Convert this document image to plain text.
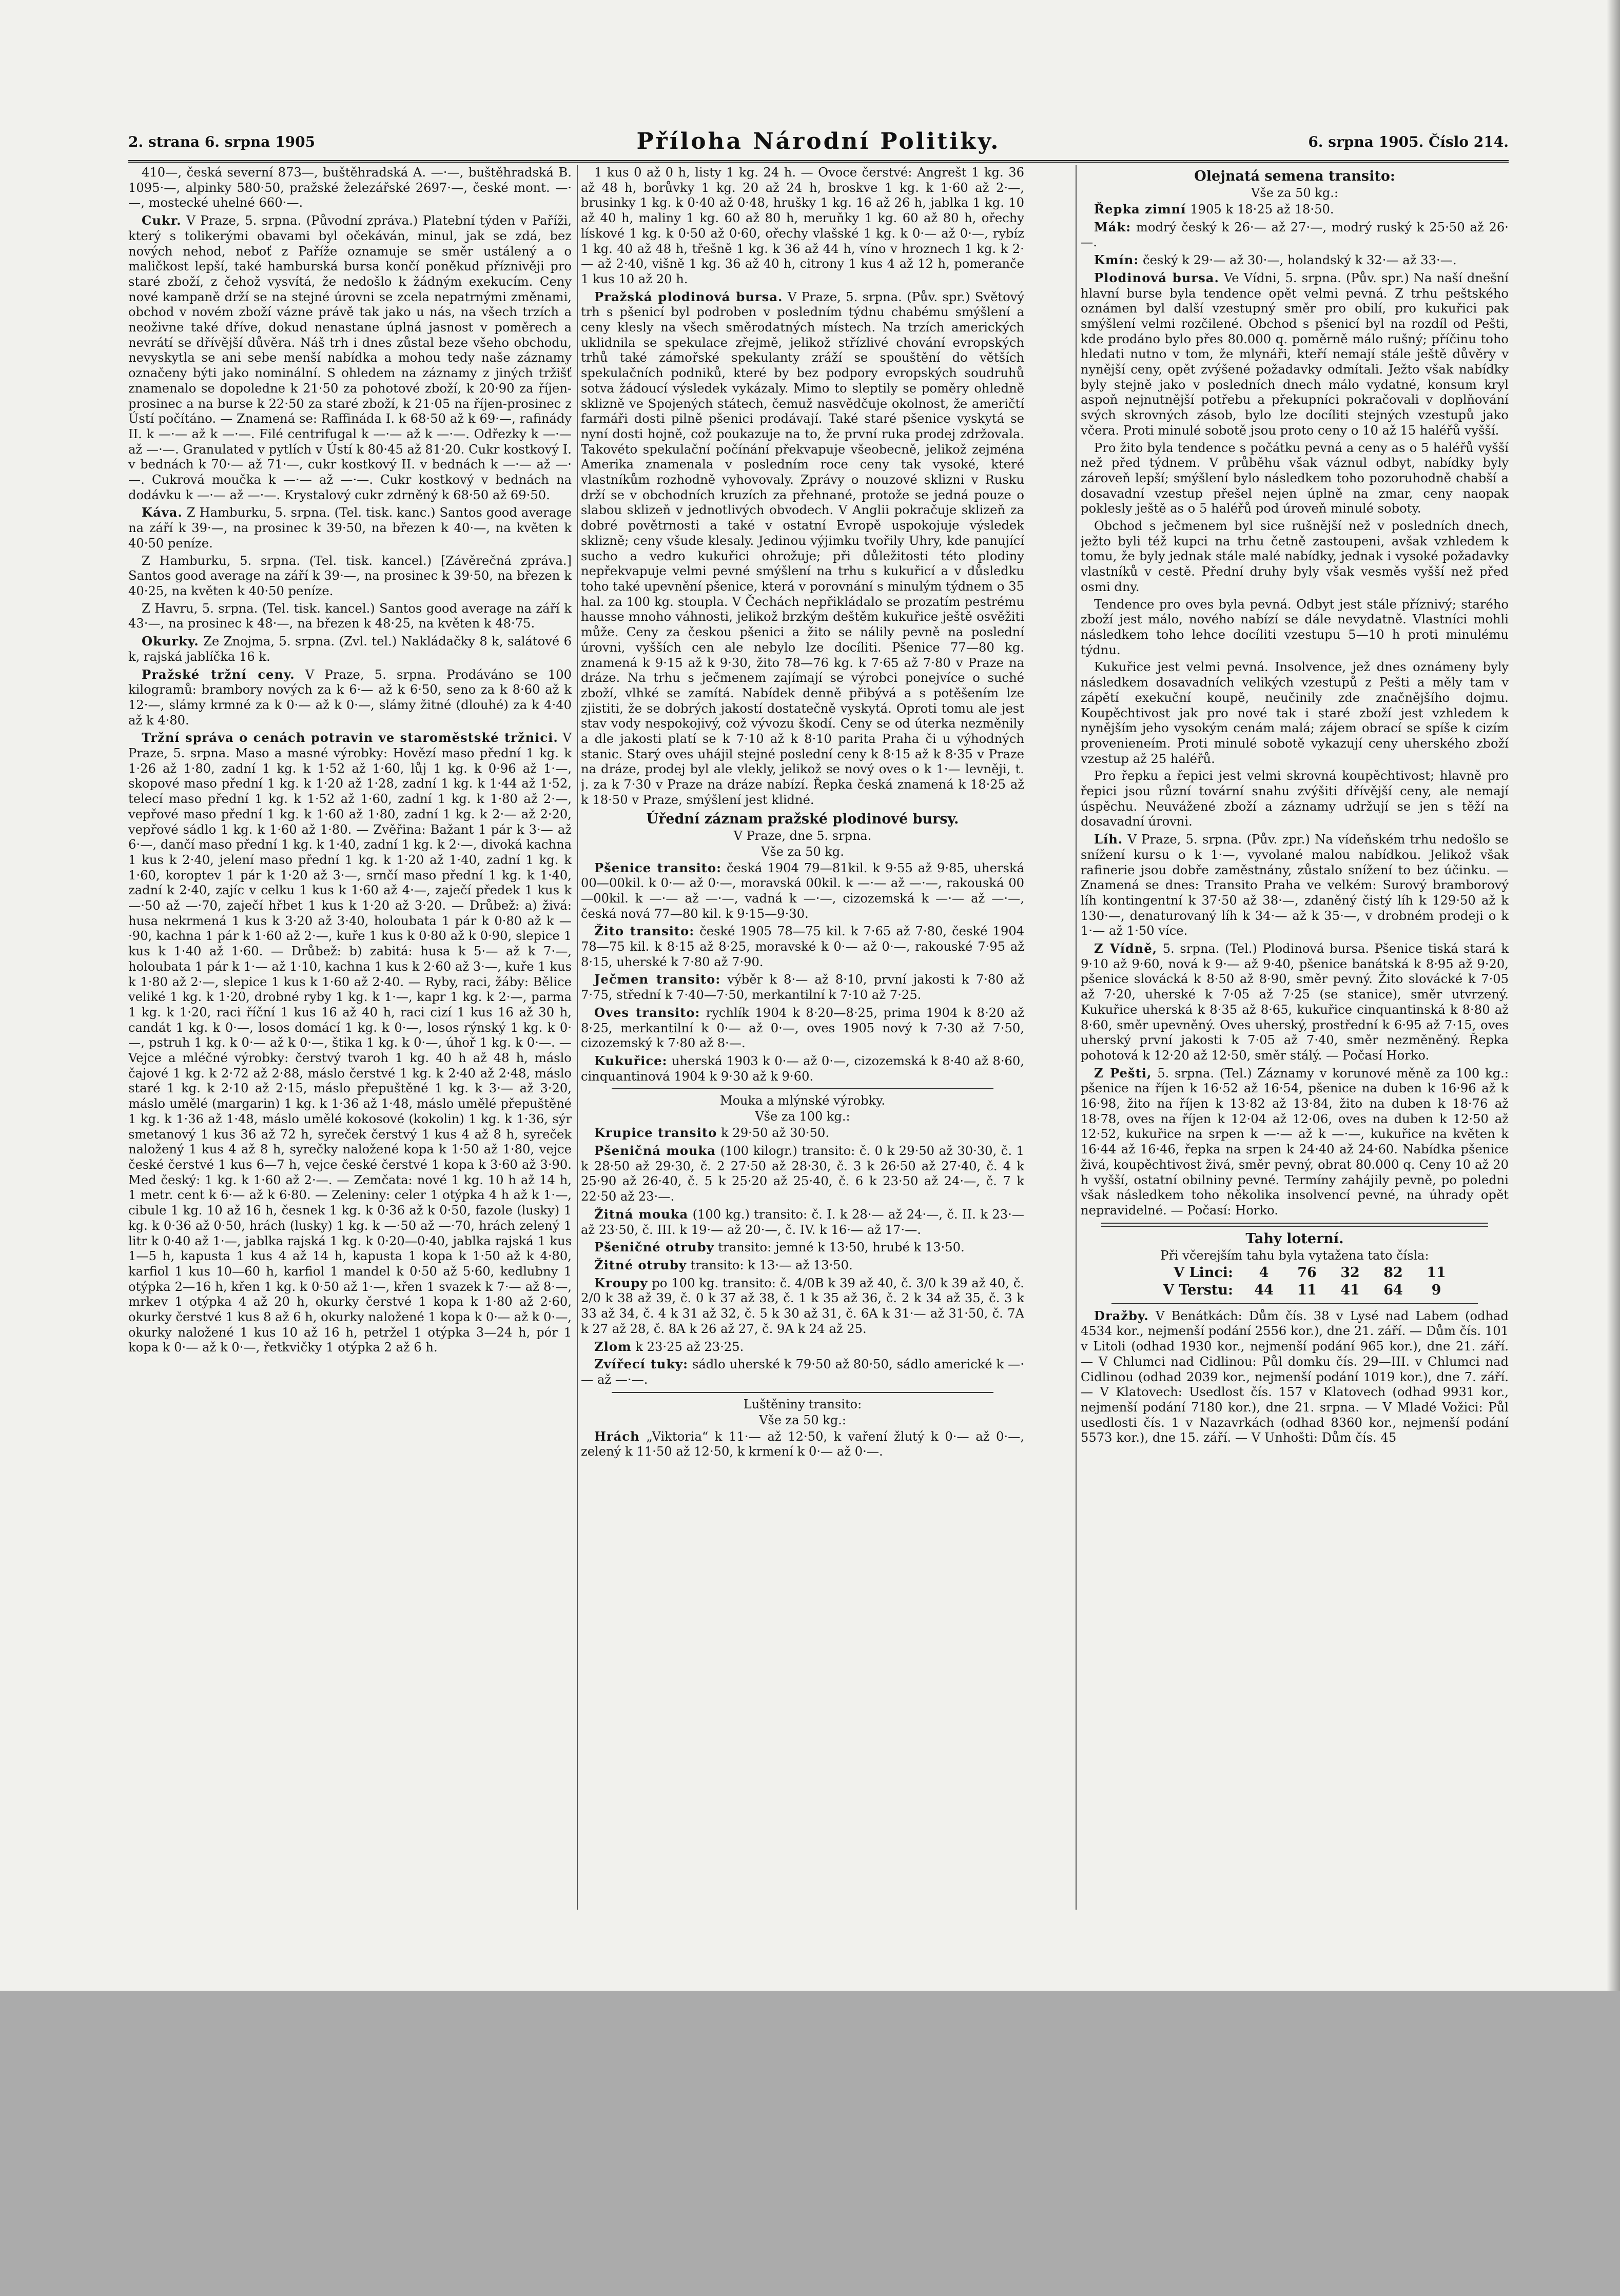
2. strana 6. srpna 1905	Příloha Národní Politiky.	6. srpna 1905. Číslo 214.

410—, česká severní 873—, buštěhradská A. —·—, buštěhradská B. 1095·—, alpinky 580·50, pražské železářské 2697·—, české mont. —·—, mostecké uhelné 660·—.

Cukr. V Praze, 5. srpna. (Původní zpráva.) Platební týden v Paříži, který s tolikerými obavami byl očekáván, minul, jak se zdá, bez nových nehod, neboť z Paříže oznamuje se směr ustálený a o maličkost lepší, také hamburská bursa končí poněkud příznivěji pro staré zboží, z čehož vysvítá, že nedošlo k žádným exekucím. Ceny nové kampaně drží se na stejné úrovni se zcela nepatrnými změnami, obchod v novém zboží vázne právě tak jako u nás, na všech trzích a neoživne také dříve, dokud nenastane úplná jasnost v poměrech a nevrátí se dřívější důvěra. Náš trh i dnes zůstal beze všeho obchodu, nevyskytla se ani sebe menší nabídka a mohou tedy naše záznamy označeny býti jako nominální. S ohledem na záznamy z jiných tržišť znamenalo se dopoledne k 21·50 za pohotové zboží, k 20·90 za říjen-prosinec a na burse k 22·50 za staré zboží, k 21·05 na říjen-prosinec z Ústí počítáno. — Znamená se: Raffináda I. k 68·50 až k 69·—, rafinády II. k —·— až k —·—. Filé centrifugal k —·— až k —·—. Odřezky k —·— až —·—. Granulated v pytlích v Ústí k 80·45 až 81·20. Cukr kostkový I. v bednách k 70·— až 71·—, cukr kostkový II. v bednách k —·— až —·—. Cukrová moučka k —·— až —·—. Cukr kostkový v bednách na dodávku k —·— až —·—. Krystalový cukr zdrněný k 68·50 až 69·50.

Káva. Z Hamburku, 5. srpna. (Tel. tisk. kanc.) Santos good average na září k 39·—, na prosinec k 39·50, na březen k 40·—, na květen k 40·50 peníze.

Z Hamburku, 5. srpna. (Tel. tisk. kancel.) [Závěrečná zpráva.] Santos good average na září k 39·—, na prosinec k 39·50, na březen k 40·25, na květen k 40·50 peníze.

Z Havru, 5. srpna. (Tel. tisk. kancel.) Santos good average na září k 43·—, na prosinec k 48·—, na březen k 48·25, na květen k 48·75.

Okurky. Ze Znojma, 5. srpna. (Zvl. tel.) Nakládačky 8 k, salátové 6 k, rajská jablíčka 16 k.

Pražské tržní ceny. V Praze, 5. srpna. Prodáváno se 100 kilogramů: brambory nových za k 6·— až k 6·50, seno za k 8·60 až k 12·—, slámy krmné za k 0·— až k 0·—, slámy žitné (dlouhé) za k 4·40 až k 4·80.

Tržní správa o cenách potravin ve staroměstské tržnici. V Praze, 5. srpna. Maso a masné výrobky: Hovězí maso přední 1 kg. k 1·26 až 1·80, zadní 1 kg. k 1·52 až 1·60, lůj 1 kg. k 0·96 až 1·—, skopové maso přední 1 kg. k 1·20 až 1·28, zadní 1 kg. k 1·44 až 1·52, telecí maso přední 1 kg. k 1·52 až 1·60, zadní 1 kg. k 1·80 až 2·—, vepřové maso přední 1 kg. k 1·60 až 1·80, zadní 1 kg. k 2·— až 2·20, vepřové sádlo 1 kg. k 1·60 až 1·80. — Zvěřina: Bažant 1 pár k 3·— až 6·—, dančí maso přední 1 kg. k 1·40, zadní 1 kg. k 2·—, divoká kachna 1 kus k 2·40, jelení maso přední 1 kg. k 1·20 až 1·40, zadní 1 kg. k 1·60, koroptev 1 pár k 1·20 až 3·—, srnčí maso přední 1 kg. k 1·40, zadní k 2·40, zajíc v celku 1 kus k 1·60 až 4·—, zaječí předek 1 kus k —·50 až —·70, zaječí hřbet 1 kus k 1·20 až 3·20. — Drůbež: a) živá: husa nekrmená 1 kus k 3·20 až 3·40, holoubata 1 pár k 0·80 až k —·90, kachna 1 pár k 1·60 až 2·—, kuře 1 kus k 0·80 až k 0·90, slepice 1 kus k 1·40 až 1·60. — Drůbež: b) zabitá: husa k 5·— až k 7·—, holoubata 1 pár k 1·— až 1·10, kachna 1 kus k 2·60 až 3·—, kuře 1 kus k 1·80 až 2·—, slepice 1 kus k 1·60 až 2·40. — Ryby, raci, žáby: Bělice veliké 1 kg. k 1·20, drobné ryby 1 kg. k 1·—, kapr 1 kg. k 2·—, parma 1 kg. k 1·20, raci říční 1 kus 16 až 40 h, raci cizí 1 kus 16 až 30 h, candát 1 kg. k 0·—, losos domácí 1 kg. k 0·—, losos rýnský 1 kg. k 0·—, pstruh 1 kg. k 0·— až k 0·—, štika 1 kg. k 0·—, úhoř 1 kg. k 0·—. — Vejce a mléčné výrobky: čerstvý tvaroh 1 kg. 40 h až 48 h, máslo čajové 1 kg. k 2·72 až 2·88, máslo čerstvé 1 kg. k 2·40 až 2·48, máslo staré 1 kg. k 2·10 až 2·15, máslo přepuštěné 1 kg. k 3·— až 3·20, máslo umělé (margarin) 1 kg. k 1·36 až 1·48, máslo umělé přepuštěné 1 kg. k 1·36 až 1·48, máslo umělé kokosové (kokolin) 1 kg. k 1·36, sýr smetanový 1 kus 36 až 72 h, syreček čerstvý 1 kus 4 až 8 h, syreček naložený 1 kus 4 až 8 h, syrečky naložené kopa k 1·50 až 1·80, vejce české čerstvé 1 kus 6—7 h, vejce české čerstvé 1 kopa k 3·60 až 3·90. Med český: 1 kg. k 1·60 až 2·—. — Zemčata: nové 1 kg. 10 h až 14 h, 1 metr. cent k 6·— až k 6·80. — Zeleniny: celer 1 otýpka 4 h až k 1·—, cibule 1 kg. 10 až 16 h, česnek 1 kg. k 0·36 až k 0·50, fazole (lusky) 1 kg. k 0·36 až 0·50, hrách (lusky) 1 kg. k —·50 až —·70, hrách zelený 1 litr k 0·40 až 1·—, jablka rajská 1 kg. k 0·20—0·40, jablka rajská 1 kus 1—5 h, kapusta 1 kus 4 až 14 h, kapusta 1 kopa k 1·50 až k 4·80, karfiol 1 kus 10—60 h, karfiol 1 mandel k 0·50 až 5·60, kedlubny 1 otýpka 2—16 h, křen 1 kg. k 0·50 až 1·—, křen 1 svazek k 7·— až 8·—, mrkev 1 otýpka 4 až 20 h, okurky čerstvé 1 kopa k 1·80 až 2·60, okurky čerstvé 1 kus 8 až 6 h, okurky naložené 1 kopa k 0·— až k 0·—, okurky naložené 1 kus 10 až 16 h, petržel 1 otýpka 3—24 h, pór 1 kopa k 0·— až k 0·—, řetkvičky 1 otýpka 2 až 6 h.

1 kus 0 až 0 h, listy 1 kg. 24 h. — Ovoce čerstvé: Angrešt 1 kg. 36 až 48 h, borůvky 1 kg. 20 až 24 h, broskve 1 kg. k 1·60 až 2·—, brusinky 1 kg. k 0·40 až 0·48, hrušky 1 kg. 16 až 26 h, jablka 1 kg. 10 až 40 h, maliny 1 kg. 60 až 80 h, meruňky 1 kg. 60 až 80 h, ořechy lískové 1 kg. k 0·50 až 0·60, ořechy vlašské 1 kg. k 0·— až 0·—, rybíz 1 kg. 40 až 48 h, třešně 1 kg. k 36 až 44 h, víno v hroznech 1 kg. k 2·— až 2·40, višně 1 kg. 36 až 40 h, citrony 1 kus 4 až 12 h, pomeranče 1 kus 10 až 20 h.

Pražská plodinová bursa. V Praze, 5. srpna. (Pův. spr.) Světový trh s pšenicí byl podroben v posledním týdnu chabému smýšlení a ceny klesly na všech směrodatných místech. Na trzích amerických uklidnila se spekulace zřejmě, jelikož střízlivé chování evropských trhů také zámořské spekulanty zráží se spouštění do větších spekulačních podniků, které by bez podpory evropských soudruhů sotva žádoucí výsledek vykázaly. Mimo to sleptily se poměry ohledně sklizně ve Spojených státech, čemuž nasvědčuje okolnost, že američtí farmáři dosti pilně pšenici prodávají. Také staré pšenice vyskytá se nyní dosti hojně, což poukazuje na to, že první ruka prodej zdržovala. Takovéto spekulační počínání překvapuje všeobecně, jelikož zejména Amerika znamenala v posledním roce ceny tak vysoké, které vlastníkům rozhodně vyhovovaly. Zprávy o nouzové sklizni v Rusku drží se v obchodních kruzích za přehnané, protože se jedná pouze o slabou sklizeň v jednotlivých obvodech. V Anglii pokračuje sklizeň za dobré povětrnosti a také v ostatní Evropě uspokojuje výsledek sklizně; ceny všude klesaly. Jedinou výjimku tvořily Uhry, kde panující sucho a vedro kukuřici ohrožuje; při důležitosti této plodiny nepřekvapuje velmi pevné smýšlení na trhu s kukuřicí a v důsledku toho také upevnění pšenice, která v porovnání s minulým týdnem o 35 hal. za 100 kg. stoupla. V Čechách nepřikládalo se prozatím pestrému hausse mnoho váhnosti, jelikož brzkým deštěm kukuřice ještě osvěžiti může. Ceny za českou pšenici a žito se nálily pevně na poslední úrovni, vyšších cen ale nebylo lze docíliti. Pšenice 77—80 kg. znamená k 9·15 až k 9·30, žito 78—76 kg. k 7·65 až 7·80 v Praze na dráze. Na trhu s ječmenem zajímají se výrobci ponejvíce o suché zboží, vlhké se zamítá. Nabídek denně přibývá a s potěšením lze zjistiti, že se dobrých jakostí dostatečně vyskytá. Oproti tomu ale jest stav vody nespokojivý, což vývozu škodí. Ceny se od úterka nezměnily a dle jakosti platí se k 7·10 až k 8·10 parita Praha či u výhodných stanic. Starý oves uhájil stejné poslední ceny k 8·15 až k 8·35 v Praze na dráze, prodej byl ale vlekly, jelikož se nový oves o k 1·— levněji, t. j. za k 7·30 v Praze na dráze nabízí. Řepka česká znamená k 18·25 až k 18·50 v Praze, smýšlení jest klidné.

Úřední záznam pražské plodinové bursy.
V Praze, dne 5. srpna.
Vše za 50 kg.

Pšenice transito: česká 1904 79—81kil. k 9·55 až 9·85, uherská 00—00kil. k 0·— až 0·—, moravská 00kil. k —·— až —·—, rakouská 00—00kil. k —·— až —·—, vadná k —·—, cizozemská k —·— až —·—, česká nová 77—80 kil. k 9·15—9·30.

Žito transito: české 1905 78—75 kil. k 7·65 až 7·80, české 1904 78—75 kil. k 8·15 až 8·25, moravské k 0·— až 0·—, rakouské 7·95 až 8·15, uherské k 7·80 až 7·90.

Ječmen transito: výběr k 8·— až 8·10, první jakosti k 7·80 až 7·75, střední k 7·40—7·50, merkantilní k 7·10 až 7·25.

Oves transito: rychlík 1904 k 8·20—8·25, prima 1904 k 8·20 až 8·25, merkantilní k 0·— až 0·—, oves 1905 nový k 7·30 až 7·50, cizozemský k 7·80 až 8·—.

Kukuřice: uherská 1903 k 0·— až 0·—, cizozemská k 8·40 až 8·60, cinquantinová 1904 k 9·30 až k 9·60.

Mouka a mlýnské výrobky.
Vše za 100 kg.:

Krupice transito k 29·50 až 30·50.

Pšeničná mouka (100 kilogr.) transito: č. 0 k 29·50 až 30·30, č. 1 k 28·50 až 29·30, č. 2 27·50 až 28·30, č. 3 k 26·50 až 27·40, č. 4 k 25·90 až 26·40, č. 5 k 25·20 až 25·40, č. 6 k 23·50 až 24·—, č. 7 k 22·50 až 23·—.

Žitná mouka (100 kg.) transito: č. I. k 28·— až 24·—, č. II. k 23·— až 23·50, č. III. k 19·— až 20·—, č. IV. k 16·— až 17·—.

Pšeničné otruby transito: jemné k 13·50, hrubé k 13·50.

Žitné otruby transito: k 13·— až 13·50.

Kroupy po 100 kg. transito: č. 4/0B k 39 až 40, č. 3/0 k 39 až 40, č. 2/0 k 38 až 39, č. 0 k 37 až 38, č. 1 k 35 až 36, č. 2 k 34 až 35, č. 3 k 33 až 34, č. 4 k 31 až 32, č. 5 k 30 až 31, č. 6A k 31·— až 31·50, č. 7A k 27 až 28, č. 8A k 26 až 27, č. 9A k 24 až 25.

Zlom k 23·25 až 23·25.

Zvířecí tuky: sádlo uherské k 79·50 až 80·50, sádlo americké k —·— až —·—.

Luštěniny transito:
Vše za 50 kg.:

Hrách „Viktoria“ k 11·— až 12·50, k vaření žlutý k 0·— až 0·—, zelený k 11·50 až 12·50, k krmení k 0·— až 0·—.

Olejnatá semena transito:
Vše za 50 kg.:

Řepka zimní 1905 k 18·25 až 18·50.

Mák: modrý český k 26·— až 27·—, modrý ruský k 25·50 až 26·—.

Kmín: český k 29·— až 30·—, holandský k 32·— až 33·—.

Plodinová bursa. Ve Vídni, 5. srpna. (Pův. spr.) Na naší dnešní hlavní burse byla tendence opět velmi pevná. Z trhu peštského oznámen byl další vzestupný směr pro obilí, pro kukuřici pak smýšlení velmi rozčilené. Obchod s pšenicí byl na rozdíl od Pešti, kde prodáno bylo přes 80.000 q. poměrně málo rušný; příčinu toho hledati nutno v tom, že mlynáři, kteří nemají stále ještě důvěry v nynější ceny, opět zvýšené požadavky odmítali. Ježto však nabídky byly stejně jako v posledních dnech málo vydatné, konsum kryl aspoň nejnutnější potřebu a překupníci pokračovali v doplňování svých skrovných zásob, bylo lze docíliti stejných vzestupů jako včera. Proti minulé sobotě jsou proto ceny o 10 až 15 haléřů vyšší.

Pro žito byla tendence s počátku pevná a ceny as o 5 haléřů vyšší než před týdnem. V průběhu však váznul odbyt, nabídky byly zároveň lepší; smýšlení bylo následkem toho pozoruhodně chabší a dosavadní vzestup přešel nejen úplně na zmar, ceny naopak poklesly ještě as o 5 haléřů pod úroveň minulé soboty.

Obchod s ječmenem byl sice rušnější než v posledních dnech, ježto byli též kupci na trhu četně zastoupeni, avšak vzhledem k tomu, že byly jednak stále malé nabídky, jednak i vysoké požadavky vlastníků v cestě. Přední druhy byly však vesměs vyšší než před osmi dny.

Tendence pro oves byla pevná. Odbyt jest stále příznivý; starého zboží jest málo, nového nabízí se dále nevydatně. Vlastníci mohli následkem toho lehce docíliti vzestupu 5—10 h proti minulému týdnu.

Kukuřice jest velmi pevná. Insolvence, jež dnes oznámeny byly následkem dosavadních velikých vzestupů z Pešti a měly tam v zápětí exekuční koupě, neučinily zde značnějšího dojmu. Koupěchtivost jak pro nové tak i staré zboží jest vzhledem k nynějším jeho vysokým cenám malá; zájem obrací se spíše k cizím provenieneím. Proti minulé sobotě vykazují ceny uherského zboží vzestup až 25 haléřů.

Pro řepku a řepici jest velmi skrovná koupěchtivost; hlavně pro řepici jsou různí tovární snahu zvýšiti dřívější ceny, ale nemají úspěchu. Neuvážené zboží a záznamy udržují se jen s těží na dosavadní úrovni.

Líh. V Praze, 5. srpna. (Pův. zpr.) Na vídeňském trhu nedošlo se snížení kursu o k 1·—, vyvolané malou nabídkou. Jelikož však rafinerie jsou dobře zaměstnány, zůstalo snížení to bez účinku. — Znamená se dnes: Transito Praha ve velkém: Surový bramborový líh kontingentní k 37·50 až 38·—, zdaněný čistý líh k 129·50 až k 130·—, denaturovaný líh k 34·— až k 35·—, v drobném prodeji o k 1·— až 1·50 více.

Z Vídně, 5. srpna. (Tel.) Plodinová bursa. Pšenice tiská stará k 9·10 až 9·60, nová k 9·— až 9·40, pšenice banátská k 8·95 až 9·20, pšenice slovácká k 8·50 až 8·90, směr pevný. Žito slovácké k 7·05 až 7·20, uherské k 7·05 až 7·25 (se stanice), směr utvrzený. Kukuřice uherská k 8·35 až 8·65, kukuřice cinquantinská k 8·80 až 8·60, směr upevněný. Oves uherský, prostřední k 6·95 až 7·15, oves uherský první jakosti k 7·05 až 7·40, směr nezměněný. Řepka pohotová k 12·20 až 12·50, směr stálý. — Počasí Horko.

Z Pešti, 5. srpna. (Tel.) Záznamy v korunové měně za 100 kg.: pšenice na říjen k 16·52 až 16·54, pšenice na duben k 16·96 až k 16·98, žito na říjen k 13·82 až 13·84, žito na duben k 18·76 až 18·78, oves na říjen k 12·04 až 12·06, oves na duben k 12·50 až 12·52, kukuřice na srpen k —·— až k —·—, kukuřice na květen k 16·44 až 16·46, řepka na srpen k 24·40 až 24·60. Nabídka pšenice živá, koupěchtivost živá, směr pevný, obrat 80.000 q. Ceny 10 až 20 h vyšší, ostatní obilniny pevné. Termíny zahájily pevně, po poledni však následkem toho několika insolvencí pevné, na úhrady opět nepravidelné. — Počasí: Horko.

Tahy loterní.
Při včerejším tahu byla vytažena tato čísla:
V Linci:	4	76 32 82 11
V Terstu: 44 11 41 64	9

Dražby. V Benátkách: Dům čís. 38 v Lysé nad Labem (odhad 4534 kor., nejmenší podání 2556 kor.), dne 21. září. — Dům čís. 101 v Litoli (odhad 1930 kor., nejmenší podání 965 kor.), dne 21. září. — V Chlumci nad Cidlinou: Půl domku čís. 29—III. v Chlumci nad Cidlinou (odhad 2039 kor., nejmenší podání 1019 kor.), dne 7. září. — V Klatovech: Usedlost čís. 157 v Klatovech (odhad 9931 kor., nejmenší podání 7180 kor.), dne 21. srpna. — V Mladé Vožici: Půl usedlosti čís. 1 v Nazavrkách (odhad 8360 kor., nejmenší podání 5573 kor.), dne 15. září. — V Unhošti: Dům čís. 45
